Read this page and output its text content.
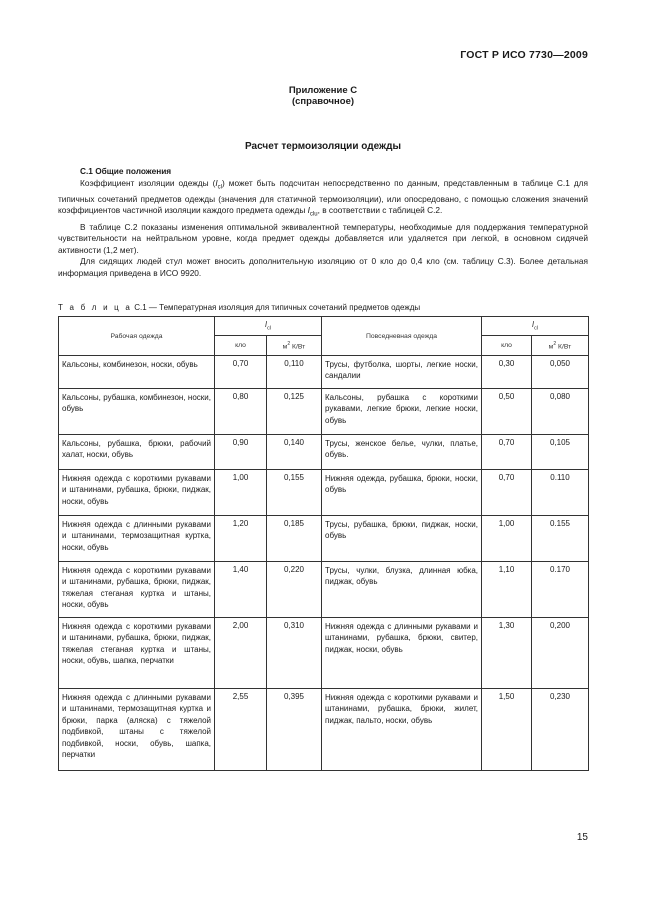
ГОСТ Р ИСО 7730—2009
Приложение С
(справочное)
Расчет термоизоляции одежды
С.1 Общие положения

Коэффициент изоляции одежды $(I_{cl})$ может быть подсчитан непосредственно по данным, представленным в таблице С.1 для типичных сочетаний предметов одежды (значения для статичной термоизоляции), или опосредовано, с помощью сложения значений коэффициентов частичной изоляции каждого предмета одежды $I_{clu}$, в соответствии с таблицей С.2.

В таблице С.2 показаны изменения оптимальной эквивалентной температуры, необходимые для поддержания температурной чувствительности на нейтральном уровне, когда предмет одежды добавляется или удаляется при легкой, в основном сидячей активности (1,2 мет).

Для сидящих людей стул может вносить дополнительную изоляцию от 0 кло до 0,4 кло (см. таблицу С.3). Более детальная информация приведена в ИСО 9920.

Т а б л и ц а С.1 — Температурная изоляция для типичных сочетаний предметов одежды
Рабочая одежда	$I_{cl}$		Повседневная одежда	$I_{cl}$
	кло	$м^2$ К/Вт		кло	$м^2$ К/Вт
Кальсоны, комбинезон, носки, обувь	0,70	0,110	Трусы, футболка, шорты, легкие носки, сандалии	0,30	0,050
Кальсоны, рубашка, комбинезон, носки, обувь	0,80	0,125	Кальсоны, рубашка с короткими рукавами, легкие брюки, легкие носки, обувь	0,50	0,080
Кальсоны, рубашка, брюки, рабочий халат, носки, обувь	0,90	0,140	Трусы, женское белье, чулки, платье, обувь.	0,70	0,105
Нижняя одежда с короткими рукавами и штанинами, рубашка, брюки, пиджак, носки, обувь	1,00	0,155	Нижняя одежда, рубашка, брюки, носки, обувь	0,70	0.110
Нижняя одежда с длинными рукавами и штанинами, термозащитная куртка, носки, обувь	1,20	0,185	Трусы, рубашка, брюки, пиджак, носки, обувь	1,00	0.155
Нижняя одежда с короткими рукавами и штанинами, рубашка, брюки, пиджак, тяжелая стеганая куртка и штаны, носки, обувь	1,40	0,220	Трусы, чулки, блузка, длинная юбка, пиджак, обувь	1,10	0.170
Нижняя одежда с короткими рукавами и штанинами, рубашка, брюки, пиджак, тяжелая стеганая куртка и штаны, носки, обувь, шапка, перчатки	2,00	0,310	Нижняя одежда с длинными рукавами и штанинами, рубашка, брюки, свитер, пиджак, носки, обувь	1,30	0,200
Нижняя одежда с длинными рукавами и штанинами, термозащитная куртка и брюки, парка (аляска) с тяжелой подбивкой, штаны с тяжелой подбивкой, носки, обувь, шапка, перчатки	2,55	0,395	Нижняя одежда с короткими рукавами и штанинами, рубашка, брюки, жилет, пиджак, пальто, носки, обувь	1,50	0,230
15
